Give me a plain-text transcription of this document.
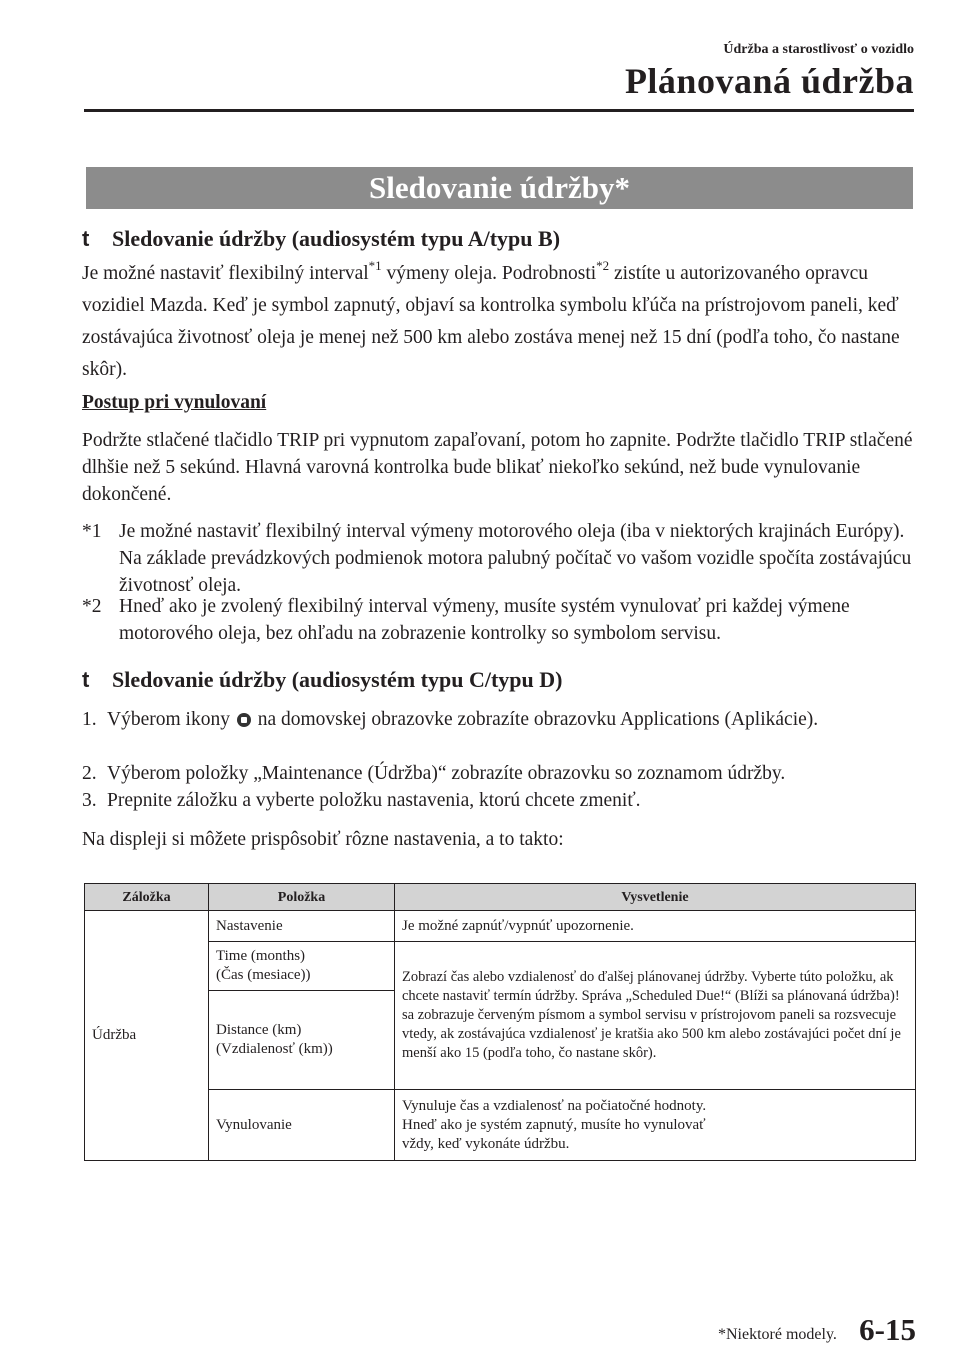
Údržba a starostlivosť o vozidlo
Plánovaná údržba
Sledovanie údržby*
t Sledovanie údržby (audiosystém typu A/typu B)
Je možné nastaviť flexibilný interval$^{*1}$ výmeny oleja. Podrobnosti$^{*2}$ zistíte u autorizovaného opravcu vozidiel Mazda. Keď je symbol zapnutý, objaví sa kontrolka symbolu kľúča na prístrojovom paneli, keď zostávajúca životnosť oleja je menej než 500 km alebo zostáva menej než 15 dní (podľa toho, čo nastane skôr).
Postup pri vynulovaní
Podržte stlačené tlačidlo TRIP pri vypnutom zapaľovaní, potom ho zapnite. Podržte tlačidlo TRIP stlačené dlhšie než 5 sekúnd. Hlavná varovná kontrolka bude blikať niekoľko sekúnd, než bude vynulovanie dokončené.
*1 Je možné nastaviť flexibilný interval výmeny motorového oleja (iba v niektorých krajinách Európy). Na základe prevádzkových podmienok motora palubný počítač vo vašom vozidle spočíta zostávajúcu životnosť oleja.
*2 Hneď ako je zvolený flexibilný interval výmeny, musíte systém vynulovať pri každej výmene motorového oleja, bez ohľadu na zobrazenie kontrolky so symbolom servisu.
t Sledovanie údržby (audiosystém typu C/typu D)
1. Výberom ikony na domovskej obrazovke zobrazíte obrazovku Applications (Aplikácie).
2. Výberom položky „Maintenance (Údržba)“ zobrazíte obrazovku so zoznamom údržby.
3. Prepnite záložku a vyberte položku nastavenia, ktorú chcete zmeniť.
Na displeji si môžete prispôsobiť rôzne nastavenia, a to takto:
Záložka	Položka	Vysvetlenie
Údržba	Nastavenie	Je možné zapnúť/vypnúť upozornenie.
	Time (months)
(Čas (mesiace))	Zobrazí čas alebo vzdialenosť do ďalšej plánovanej údržby. Vyberte túto položku, ak chcete nastaviť termín údržby. Správa „Scheduled Due!“ (Blíži sa plánovaná údržba)! sa zobrazuje červeným písmom a symbol servisu v prístrojovom paneli sa rozsvecuje vtedy, ak zostávajúca vzdialenosť je kratšia ako 500 km alebo zostávajúci počet dní je menší ako 15 (podľa toho, čo nastane skôr).
	Distance (km)
(Vzdialenosť (km))	
	Vynulovanie	Vynuluje čas a vzdialenosť na počiatočné hodnoty.
Hneď ako je systém zapnutý, musíte ho vynulovať
vždy, keď vykonáte údržbu.
*Niektoré modely. 6-15
